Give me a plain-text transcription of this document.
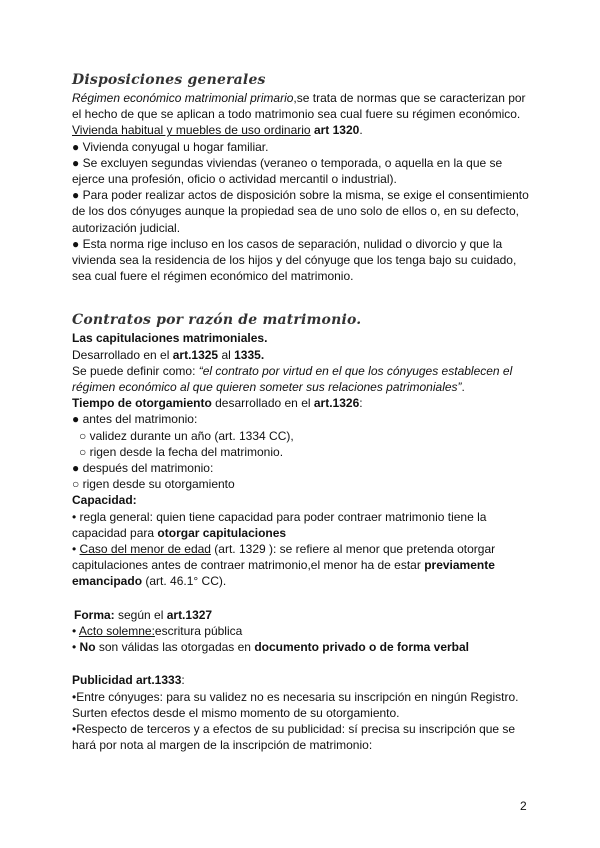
Disposiciones generales

Régimen económico matrimonial primario,se trata de normas que se caracterizan por el hecho de que se aplican a todo matrimonio sea cual fuere su régimen económico.

Vivienda habitual y muebles de uso ordinario art 1320.

● Vivienda conyugal u hogar familiar.

● Se excluyen segundas viviendas (veraneo o temporada, o aquella en la que se ejerce una profesión, oficio o actividad mercantil o industrial).

● Para poder realizar actos de disposición sobre la misma, se exige el consentimiento de los dos cónyuges aunque la propiedad sea de uno solo de ellos o, en su defecto, autorización judicial.

● Esta norma rige incluso en los casos de separación, nulidad o divorcio y que la vivienda sea la residencia de los hijos y del cónyuge que los tenga bajo su cuidado, sea cual fuere el régimen económico del matrimonio.

Contratos por razón de matrimonio.

Las capitulaciones matrimoniales.

Desarrollado en el art.1325 al 1335.

Se puede definir como: “el contrato por virtud en el que los cónyuges establecen el régimen económico al que quieren someter sus relaciones patrimoniales”.

Tiempo de otorgamiento desarrollado en el art.1326:

● antes del matrimonio:

○ validez durante un año (art. 1334 CC),

○ rigen desde la fecha del matrimonio.

● después del matrimonio:

○ rigen desde su otorgamiento

Capacidad:

• regla general: quien tiene capacidad para poder contraer matrimonio tiene la capacidad para otorgar capitulaciones

• Caso del menor de edad (art. 1329 ): se refiere al menor que pretenda otorgar capitulaciones antes de contraer matrimonio,el menor ha de estar previamente emancipado (art. 46.1° CC).

Forma: según el art.1327

• Acto solemne:escritura pública

• No son válidas las otorgadas en documento privado o de forma verbal

Publicidad art.1333:

•Entre cónyuges: para su validez no es necesaria su inscripción en ningún Registro. Surten efectos desde el mismo momento de su otorgamiento.

•Respecto de terceros y a efectos de su publicidad: sí precisa su inscripción que se hará por nota al margen de la inscripción de matrimonio:

2
